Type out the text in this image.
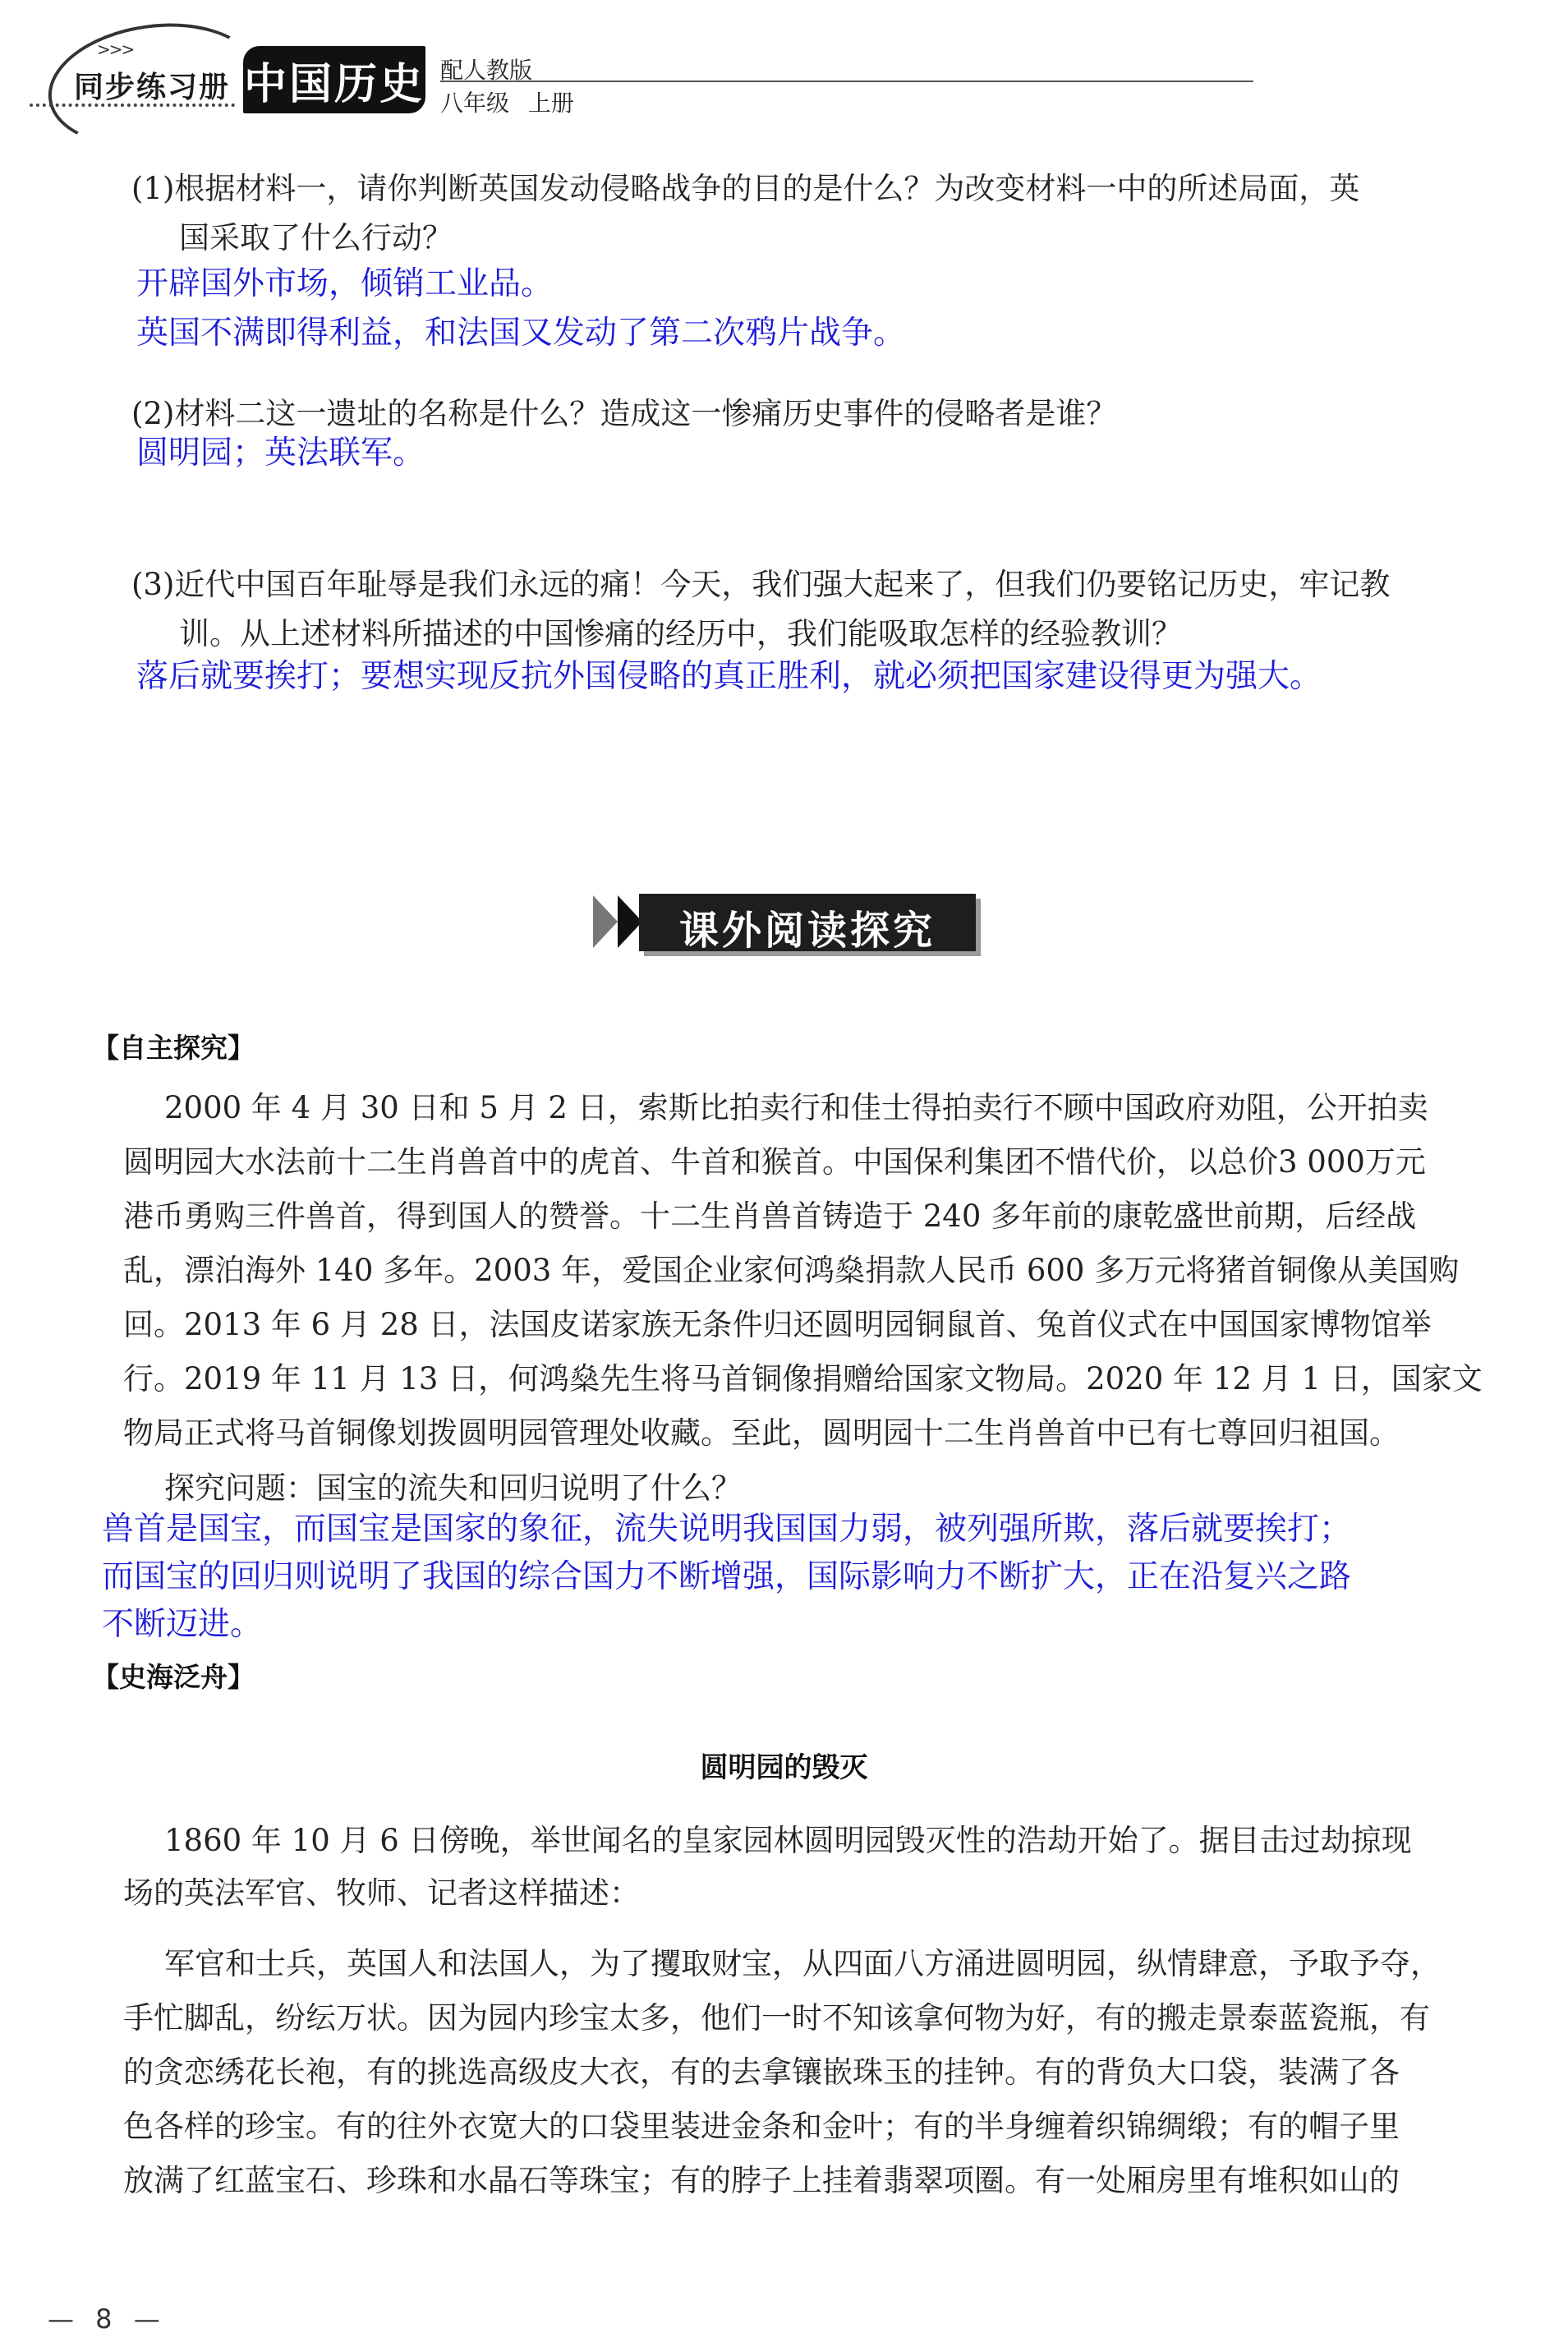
>>>
同步练习册 中国历史 配人教版
八年级 上册
(1)根据材料一，请你判断英国发动侵略战争的目的是什么？为改变材料一中的所述局面，英
国采取了什么行动？
开辟国外市场，倾销工业品。
英国不满即得利益，和法国又发动了第二次鸦片战争。
(2)材料二这一遗址的名称是什么？造成这一惨痛历史事件的侵略者是谁？
圆明园；英法联军。
(3)近代中国百年耻辱是我们永远的痛！今天，我们强大起来了，但我们仍要铭记历史，牢记教
训。从上述材料所描述的中国惨痛的经历中，我们能吸取怎样的经验教训？
落后就要挨打；要想实现反抗外国侵略的真正胜利，就必须把国家建设得更为强大。
课外阅读探究
【自主探究】
2000 年 4 月 30 日和 5 月 2 日，索斯比拍卖行和佳士得拍卖行不顾中国政府劝阻，公开拍卖
圆明园大水法前十二生肖兽首中的虎首、牛首和猴首。中国保利集团不惜代价，以总价3 000万元
港币勇购三件兽首，得到国人的赞誉。十二生肖兽首铸造于 240 多年前的康乾盛世前期，后经战
乱，漂泊海外 140 多年。2003 年，爱国企业家何鸿燊捐款人民币 600 多万元将猪首铜像从美国购
回。2013 年 6 月 28 日，法国皮诺家族无条件归还圆明园铜鼠首、兔首仪式在中国国家博物馆举
行。2019 年 11 月 13 日，何鸿燊先生将马首铜像捐赠给国家文物局。2020 年 12 月 1 日，国家文
物局正式将马首铜像划拨圆明园管理处收藏。至此，圆明园十二生肖兽首中已有七尊回归祖国。
探究问题：国宝的流失和回归说明了什么？
兽首是国宝，而国宝是国家的象征，流失说明我国国力弱，被列强所欺，落后就要挨打；
而国宝的回归则说明了我国的综合国力不断增强，国际影响力不断扩大，正在沿复兴之路
不断迈进。
【史海泛舟】
圆明园的毁灭
1860 年 10 月 6 日傍晚，举世闻名的皇家园林圆明园毁灭性的浩劫开始了。据目击过劫掠现
场的英法军官、牧师、记者这样描述：
军官和士兵，英国人和法国人，为了攫取财宝，从四面八方涌进圆明园，纵情肆意，予取予夺，
手忙脚乱，纷纭万状。因为园内珍宝太多，他们一时不知该拿何物为好，有的搬走景泰蓝瓷瓶，有
的贪恋绣花长袍，有的挑选高级皮大衣，有的去拿镶嵌珠玉的挂钟。有的背负大口袋，装满了各
色各样的珍宝。有的往外衣宽大的口袋里装进金条和金叶；有的半身缠着织锦绸缎；有的帽子里
放满了红蓝宝石、珍珠和水晶石等珠宝；有的脖子上挂着翡翠项圈。有一处厢房里有堆积如山的
— 8 —
